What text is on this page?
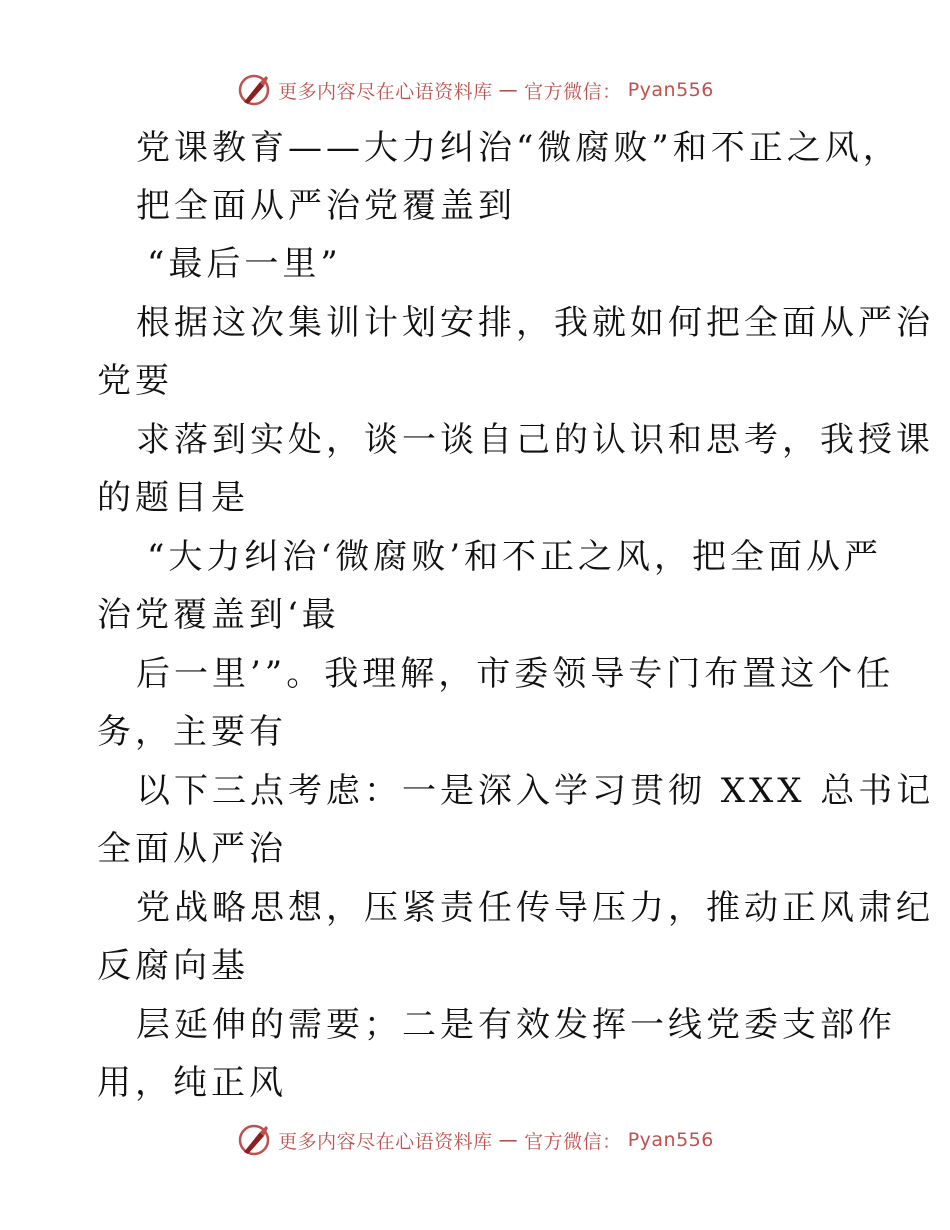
更多内容尽在心语资料库 — 官方微信： Pyan556
党课教育——大力纠治“微腐败”和不正之风，
把全面从严治党覆盖到
“最后一里”
根据这次集训计划安排，我就如何把全面从严治
党要
求落到实处，谈一谈自己的认识和思考，我授课
的题目是
“大力纠治‘微腐败’和不正之风，把全面从严
治党覆盖到‘最
后一里’”。我理解，市委领导专门布置这个任
务，主要有
以下三点考虑：一是深入学习贯彻 XXX 总书记
全面从严治
党战略思想，压紧责任传导压力，推动正风肃纪
反腐向基
层延伸的需要；二是有效发挥一线党委支部作
用，纯正风
更多内容尽在心语资料库 — 官方微信： Pyan556
